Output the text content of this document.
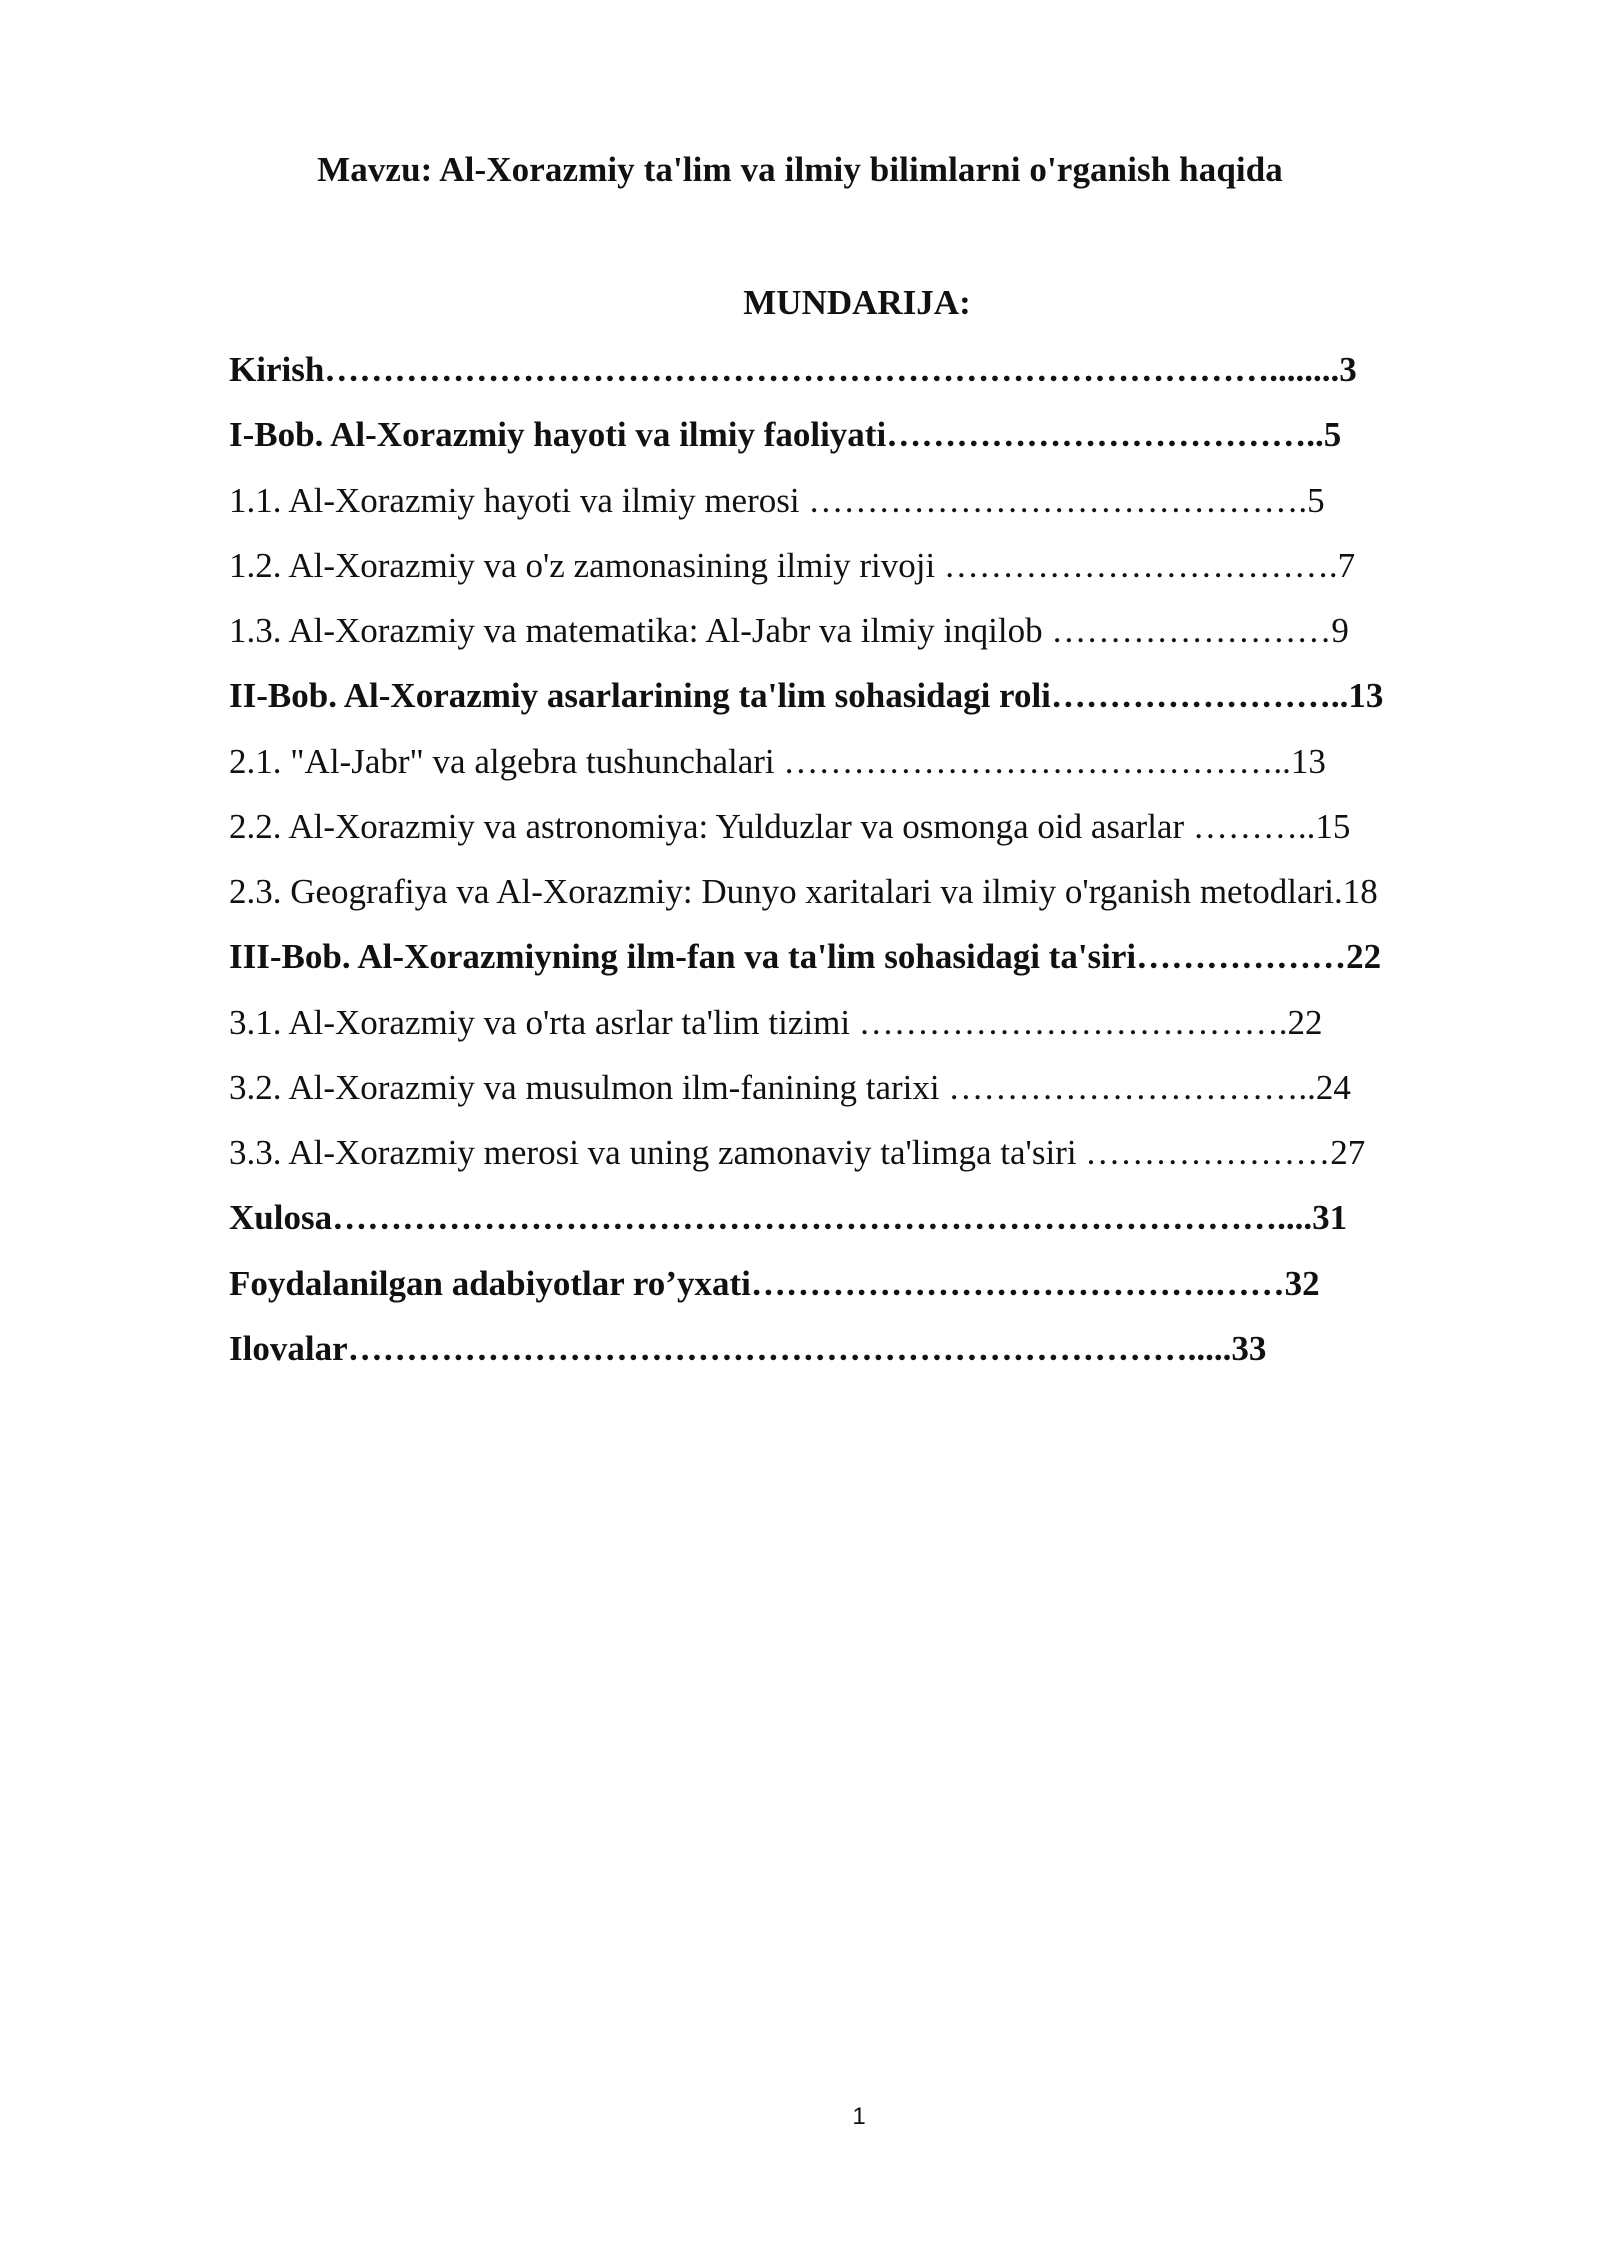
Mavzu: Al-Xorazmiy ta'lim va ilmiy bilimlarni o'rganish haqida
MUNDARIJA:
Kirish………………………………………………………………………........3
I-Bob. Al-Xorazmiy hayoti va ilmiy faoliyati………………………………..5
1.1. Al-Xorazmiy hayoti va ilmiy merosi …………………………………….5
1.2. Al-Xorazmiy va o'z zamonasining ilmiy rivoji …………………………….7
1.3. Al-Xorazmiy va matematika: Al-Jabr va ilmiy inqilob ……………………9
II-Bob. Al-Xorazmiy asarlarining ta'lim sohasidagi roli……………………..13
2.1. "Al-Jabr" va algebra tushunchalari ……………………………………..13
2.2. Al-Xorazmiy va astronomiya: Yulduzlar va osmonga oid asarlar ………..15
2.3. Geografiya va Al-Xorazmiy: Dunyo xaritalari va ilmiy o'rganish metodlari.18
III-Bob. Al-Xorazmiyning ilm-fan va ta'lim sohasidagi ta'siri………………22
3.1. Al-Xorazmiy va o'rta asrlar ta'lim tizimi ……………………………….22
3.2. Al-Xorazmiy va musulmon ilm-fanining tarixi …………………………..24
3.3. Al-Xorazmiy merosi va uning zamonaviy ta'limga ta'siri …………………27
Xulosa………………………………………………………………………....31
Foydalanilgan adabiyotlar ro’yxati………………………………….……32
Ilovalar……………………………………………………………….....33
1
